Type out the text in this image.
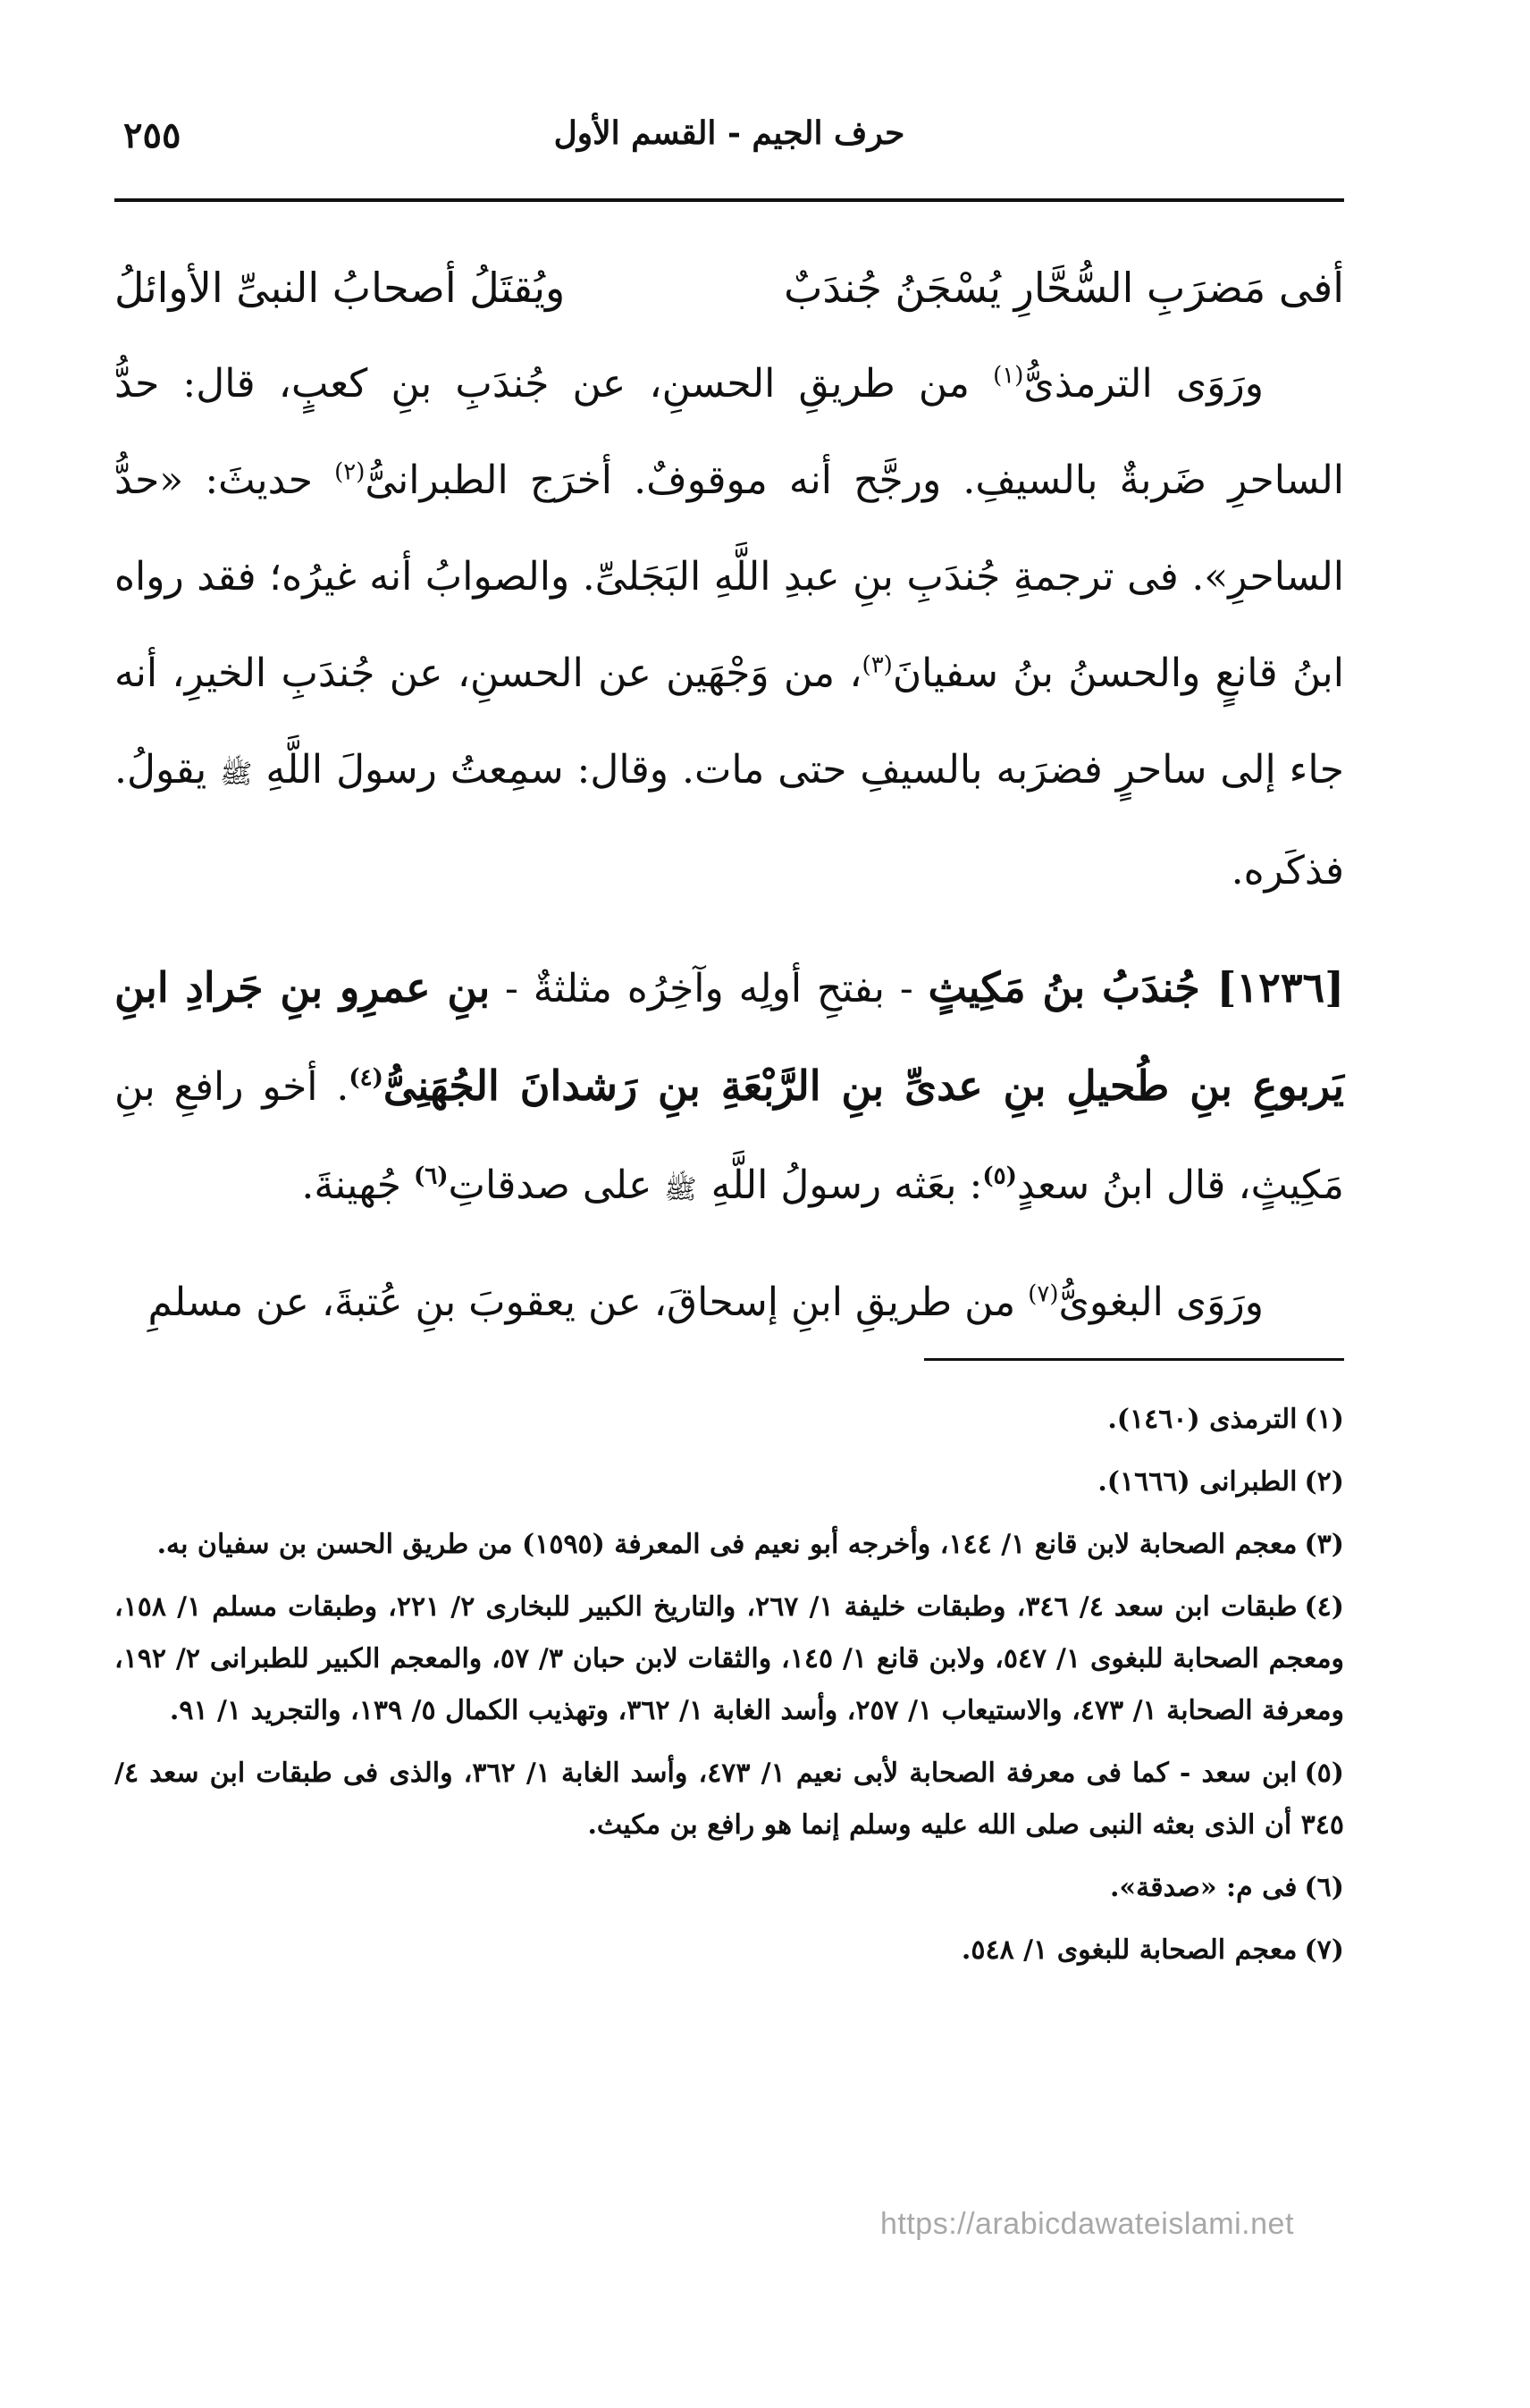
حرف الجيم - القسم الأول
٢٥٥
أفى مَضرَبِ السُّحَّارِ يُسْجَنُ جُندَبٌ
ويُقتَلُ أصحابُ النبىِّ الأوائلُ

ورَوَى الترمذىُّ$^{(١)}$ من طريقِ الحسنِ، عن جُندَبِ بنِ كعبٍ، قال: حدُّ الساحرِ ضَربةٌ بالسيفِ. ورجَّح أنه موقوفٌ. أخرَج الطبرانىُّ$^{(٢)}$ حديثَ: «حدُّ الساحرِ». فى ترجمةِ جُندَبِ بنِ عبدِ اللَّهِ البَجَلىِّ. والصوابُ أنه غيرُه؛ فقد رواه ابنُ قانعٍ والحسنُ بنُ سفيانَ$^{(٣)}$، من وَجْهَين عن الحسنِ، عن جُندَبِ الخيرِ، أنه جاء إلى ساحرٍ فضرَبه بالسيفِ حتى مات. وقال: سمِعتُ رسولَ اللَّهِ ﷺ يقولُ. فذكَره.

[١٢٣٦] جُندَبُ بنُ مَكِيثٍ - بفتحِ أولِه وآخِرُه مثلثةٌ - بنِ عمرِو بنِ جَرادِ ابنِ يَربوعِ بنِ طُحيلِ بنِ عدىِّ بنِ الرَّبْعَةِ بنِ رَشدانَ الجُهَنِىُّ$^{(٤)}$. أخو رافعِ بنِ مَكِيثٍ، قال ابنُ سعدٍ$^{(٥)}$: بعَثه رسولُ اللَّهِ ﷺ على صدقاتِ$^{(٦)}$ جُهينةَ.

ورَوَى البغوىُّ$^{(٧)}$ من طريقِ ابنِ إسحاقَ، عن يعقوبَ بنِ عُتبةَ، عن مسلمِ

(١)الترمذى (١٤٦٠).

(٢)الطبرانى (١٦٦٦).

(٣)معجم الصحابة لابن قانع ١/ ١٤٤، وأخرجه أبو نعيم فى المعرفة (١٥٩٥) من طريق الحسن بن سفيان به.

(٤)طبقات ابن سعد ٤/ ٣٤٦، وطبقات خليفة ١/ ٢٦٧، والتاريخ الكبير للبخارى ٢/ ٢٢١، وطبقات مسلم ١/ ١٥٨، ومعجم الصحابة للبغوى ١/ ٥٤٧، ولابن قانع ١/ ١٤٥، والثقات لابن حبان ٣/ ٥٧، والمعجم الكبير للطبرانى ٢/ ١٩٢، ومعرفة الصحابة ١/ ٤٧٣، والاستيعاب ١/ ٢٥٧، وأسد الغابة ١/ ٣٦٢، وتهذيب الكمال ٥/ ١٣٩، والتجريد ١/ ٩١.

(٥)ابن سعد - كما فى معرفة الصحابة لأبى نعيم ١/ ٤٧٣، وأسد الغابة ١/ ٣٦٢، والذى فى طبقات ابن سعد ٤/ ٣٤٥ أن الذى بعثه النبى صلى الله عليه وسلم إنما هو رافع بن مكيث.

(٦)فى م: «صدقة».

(٧)معجم الصحابة للبغوى ١/ ٥٤٨.

https://arabicdawateislami.net
